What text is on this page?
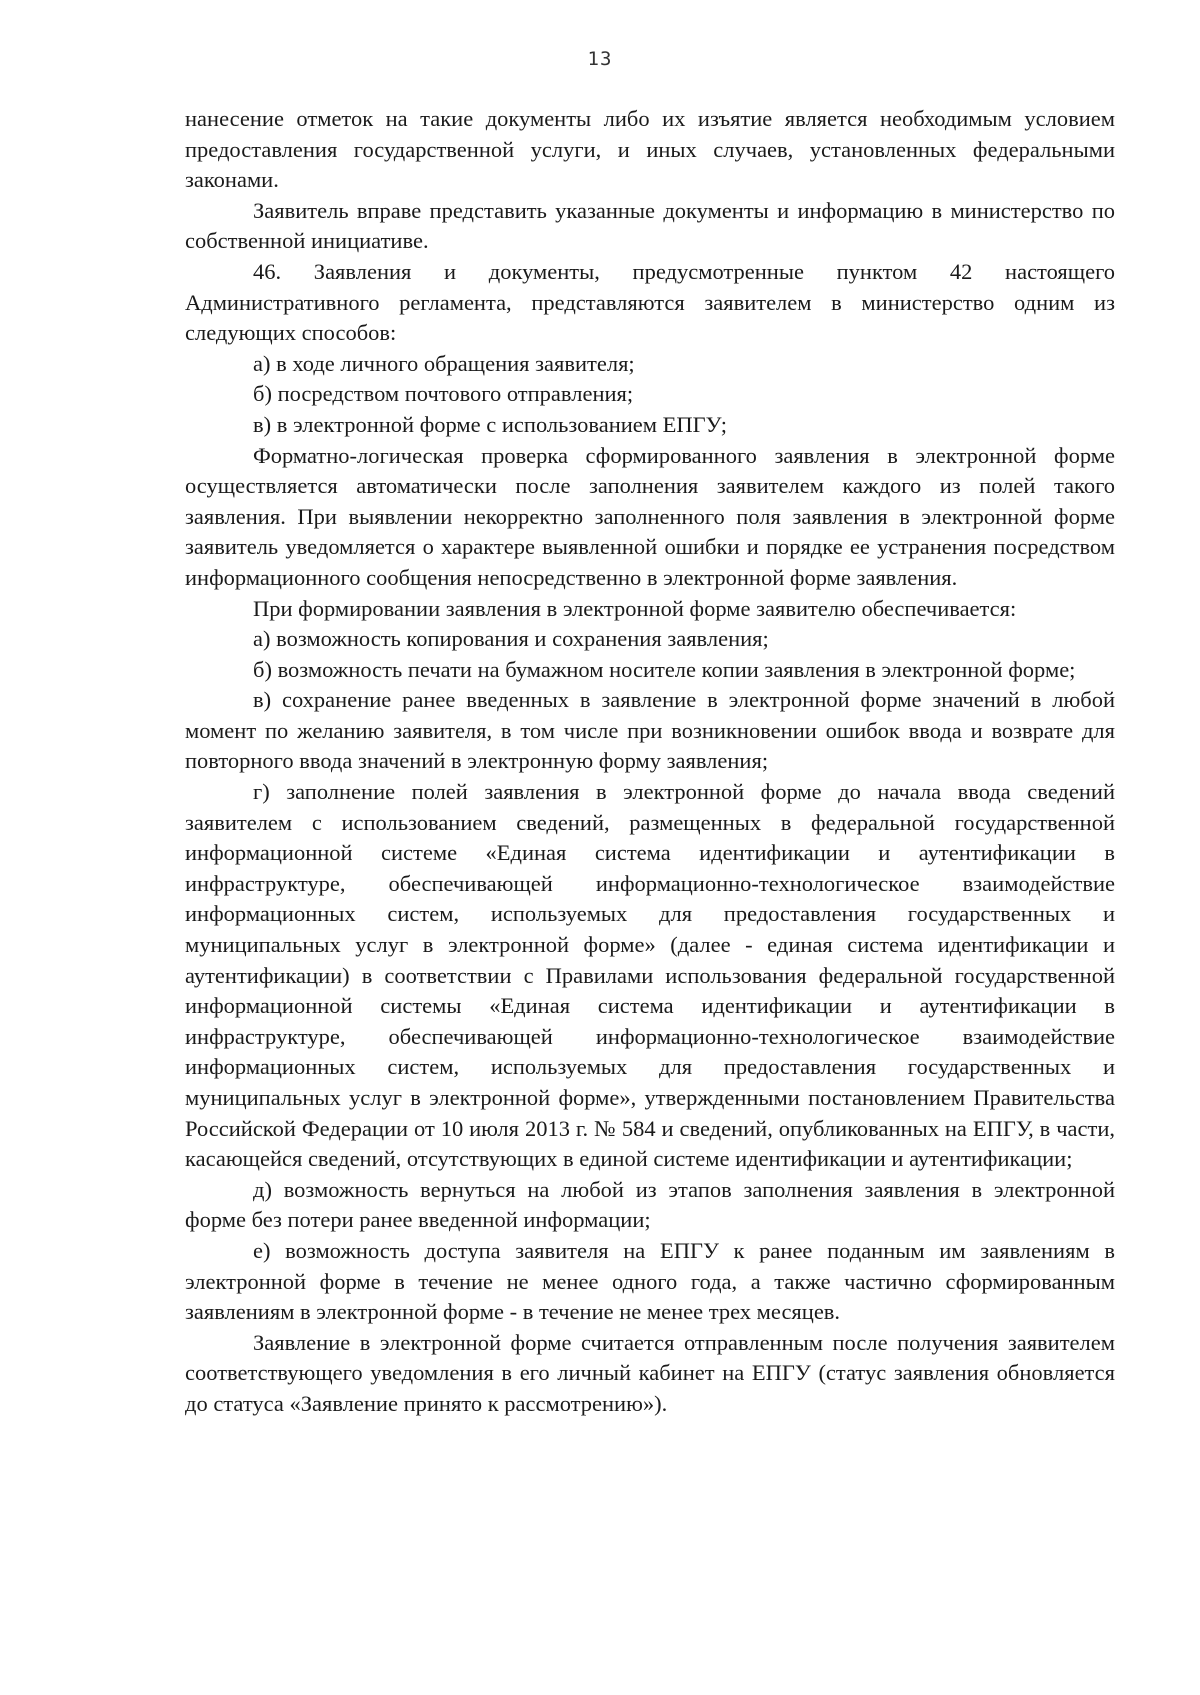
13

нанесение отметок на такие документы либо их изъятие является необходимым условием предоставления государственной услуги, и иных случаев, установленных федеральными законами.

Заявитель вправе представить указанные документы и информацию в министерство по собственной инициативе.

46. Заявления и документы, предусмотренные пунктом 42 настоящего Административного регламента, представляются заявителем в министерство одним из следующих способов:

а) в ходе личного обращения заявителя;

б) посредством почтового отправления;

в) в электронной форме с использованием ЕПГУ;

Форматно-логическая проверка сформированного заявления в электронной форме осуществляется автоматически после заполнения заявителем каждого из полей такого заявления. При выявлении некорректно заполненного поля заявления в электронной форме заявитель уведомляется о характере выявленной ошибки и порядке ее устранения посредством информационного сообщения непосредственно в электронной форме заявления.

При формировании заявления в электронной форме заявителю обеспечивается:

а) возможность копирования и сохранения заявления;

б) возможность печати на бумажном носителе копии заявления в электронной форме;

в) сохранение ранее введенных в заявление в электронной форме значений в любой момент по желанию заявителя, в том числе при возникновении ошибок ввода и возврате для повторного ввода значений в электронную форму заявления;

г) заполнение полей заявления в электронной форме до начала ввода сведений заявителем с использованием сведений, размещенных в федеральной государственной информационной системе «Единая система идентификации и аутентификации в инфраструктуре, обеспечивающей информационно-технологическое взаимодействие информационных систем, используемых для предоставления государственных и муниципальных услуг в электронной форме» (далее - единая система идентификации и аутентификации) в соответствии с Правилами использования федеральной государственной информационной системы «Единая система идентификации и аутентификации в инфраструктуре, обеспечивающей информационно-технологическое взаимодействие информационных систем, используемых для предоставления государственных и муниципальных услуг в электронной форме», утвержденными постановлением Правительства Российской Федерации от 10 июля 2013 г. № 584 и сведений, опубликованных на ЕПГУ, в части, касающейся сведений, отсутствующих в единой системе идентификации и аутентификации;

д) возможность вернуться на любой из этапов заполнения заявления в электронной форме без потери ранее введенной информации;

е) возможность доступа заявителя на ЕПГУ к ранее поданным им заявлениям в электронной форме в течение не менее одного года, а также частично сформированным заявлениям в электронной форме - в течение не менее трех месяцев.

Заявление в электронной форме считается отправленным после получения заявителем соответствующего уведомления в его личный кабинет на ЕПГУ (статус заявления обновляется до статуса «Заявление принято к рассмотрению»).
